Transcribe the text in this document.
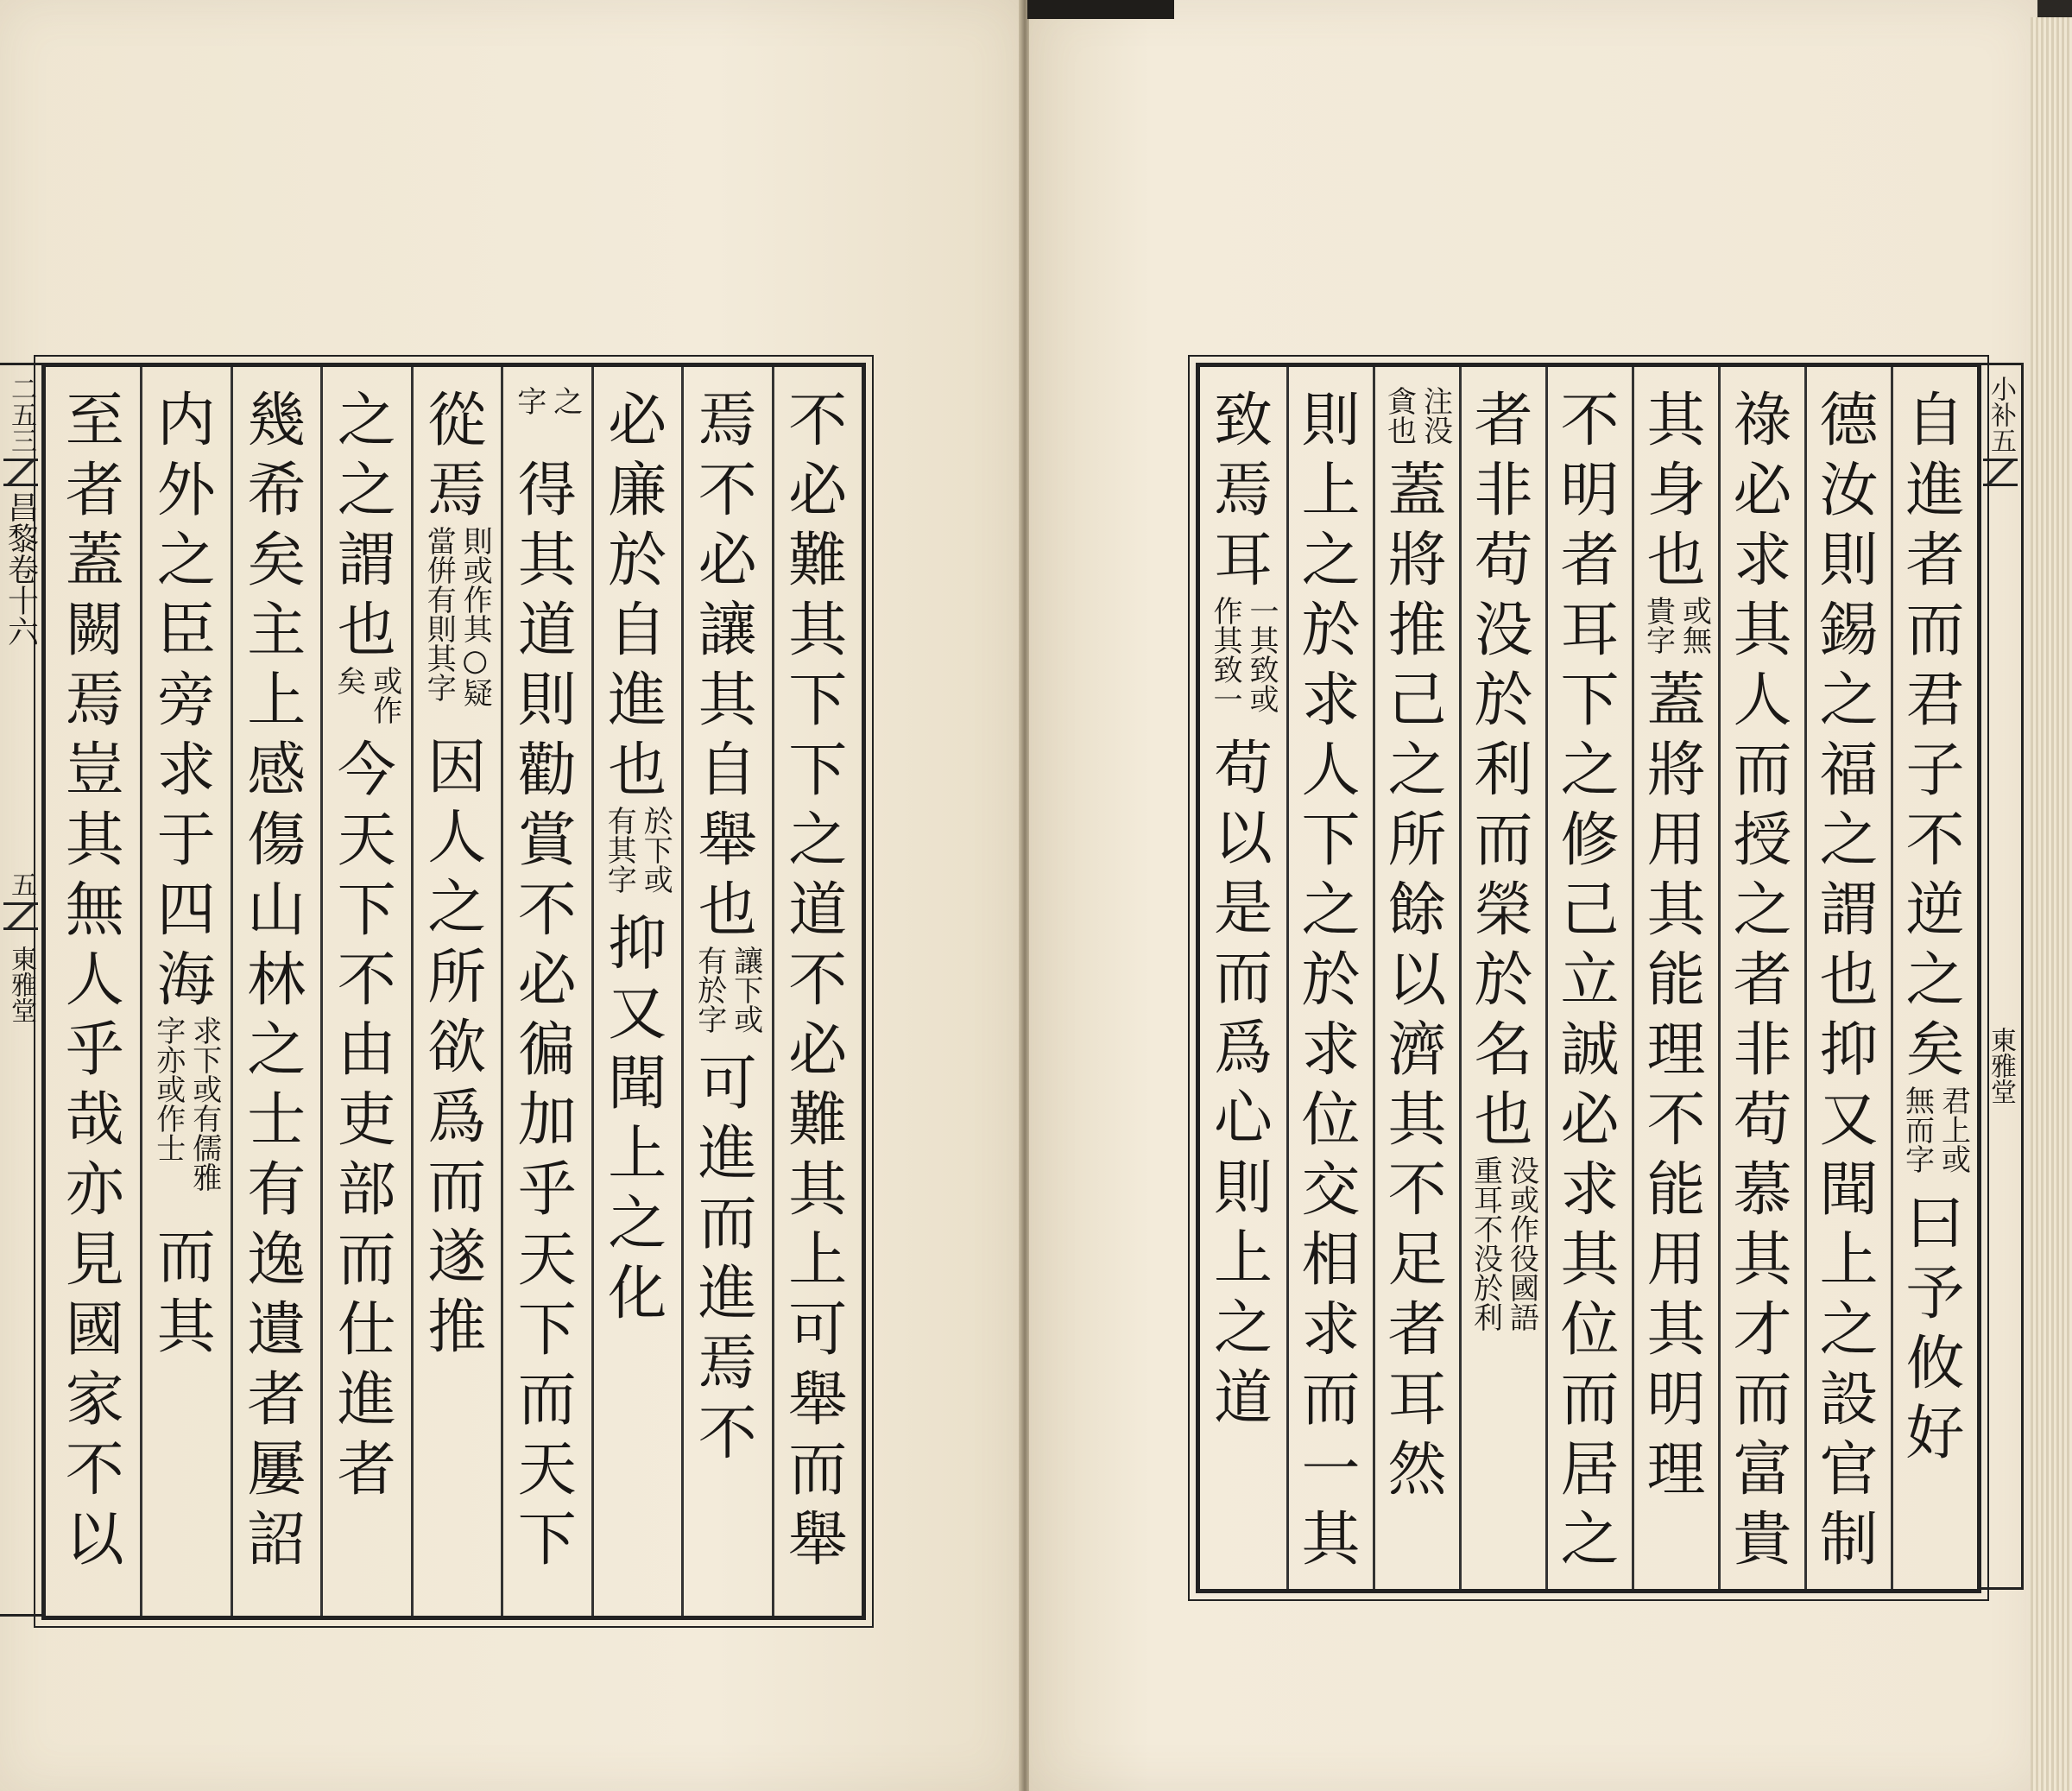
不
必
難
其
下
下
之
道
不
必
難
其
上
可
舉
而
舉
焉
不
必
讓
其
自
舉
也
讓下或
有於字
可
進
而
進
焉
不
必
廉
於
自
進
也
於下或
有其字
抑
又
聞
上
之
化
之
字
得
其
道
則
勸
賞
不
必
徧
加
乎
天
下
而
天
下
從
焉
則或作其○疑
當倂有則其字
因
人
之
所
欲
爲
而
遂
推
之
之
謂
也
或作
矣
今
天
下
不
由
吏
部
而
仕
進
者
幾
希
矣
主
上
感
傷
山
林
之
士
有
逸
遺
者
屢
詔
内
外
之
臣
旁
求
于
四
海
求下或有儒雅
字亦或作士
而
其
至
者
蓋
闕
焉
豈
其
無
人
乎
哉
亦
見
國
家
不
以
自
進
者
而
君
子
不
逆
之
矣
君上或
無而字
曰
予
攸
好
德
汝
則
錫
之
福
之
謂
也
抑
又
聞
上
之
設
官
制
祿
必
求
其
人
而
授
之
者
非
苟
慕
其
才
而
富
貴
其
身
也
或無
貴字
蓋
將
用
其
能
理
不
能
用
其
明
理
不
明
者
耳
下
之
修
己
立
誠
必
求
其
位
而
居
之
者
非
苟
没
於
利
而
榮
於
名
也
没或作役國語
重耳不没於利
注没
貪也
蓋
將
推
己
之
所
餘
以
濟
其
不
足
者
耳
然
則
上
之
於
求
人
下
之
於
求
位
交
相
求
而
一
其
致
焉
耳
一其致或
作其致一
苟
以
是
而
爲
心
則
上
之
道
二五三
昌黎卷十六
五
東雅堂
小补五
東雅堂
